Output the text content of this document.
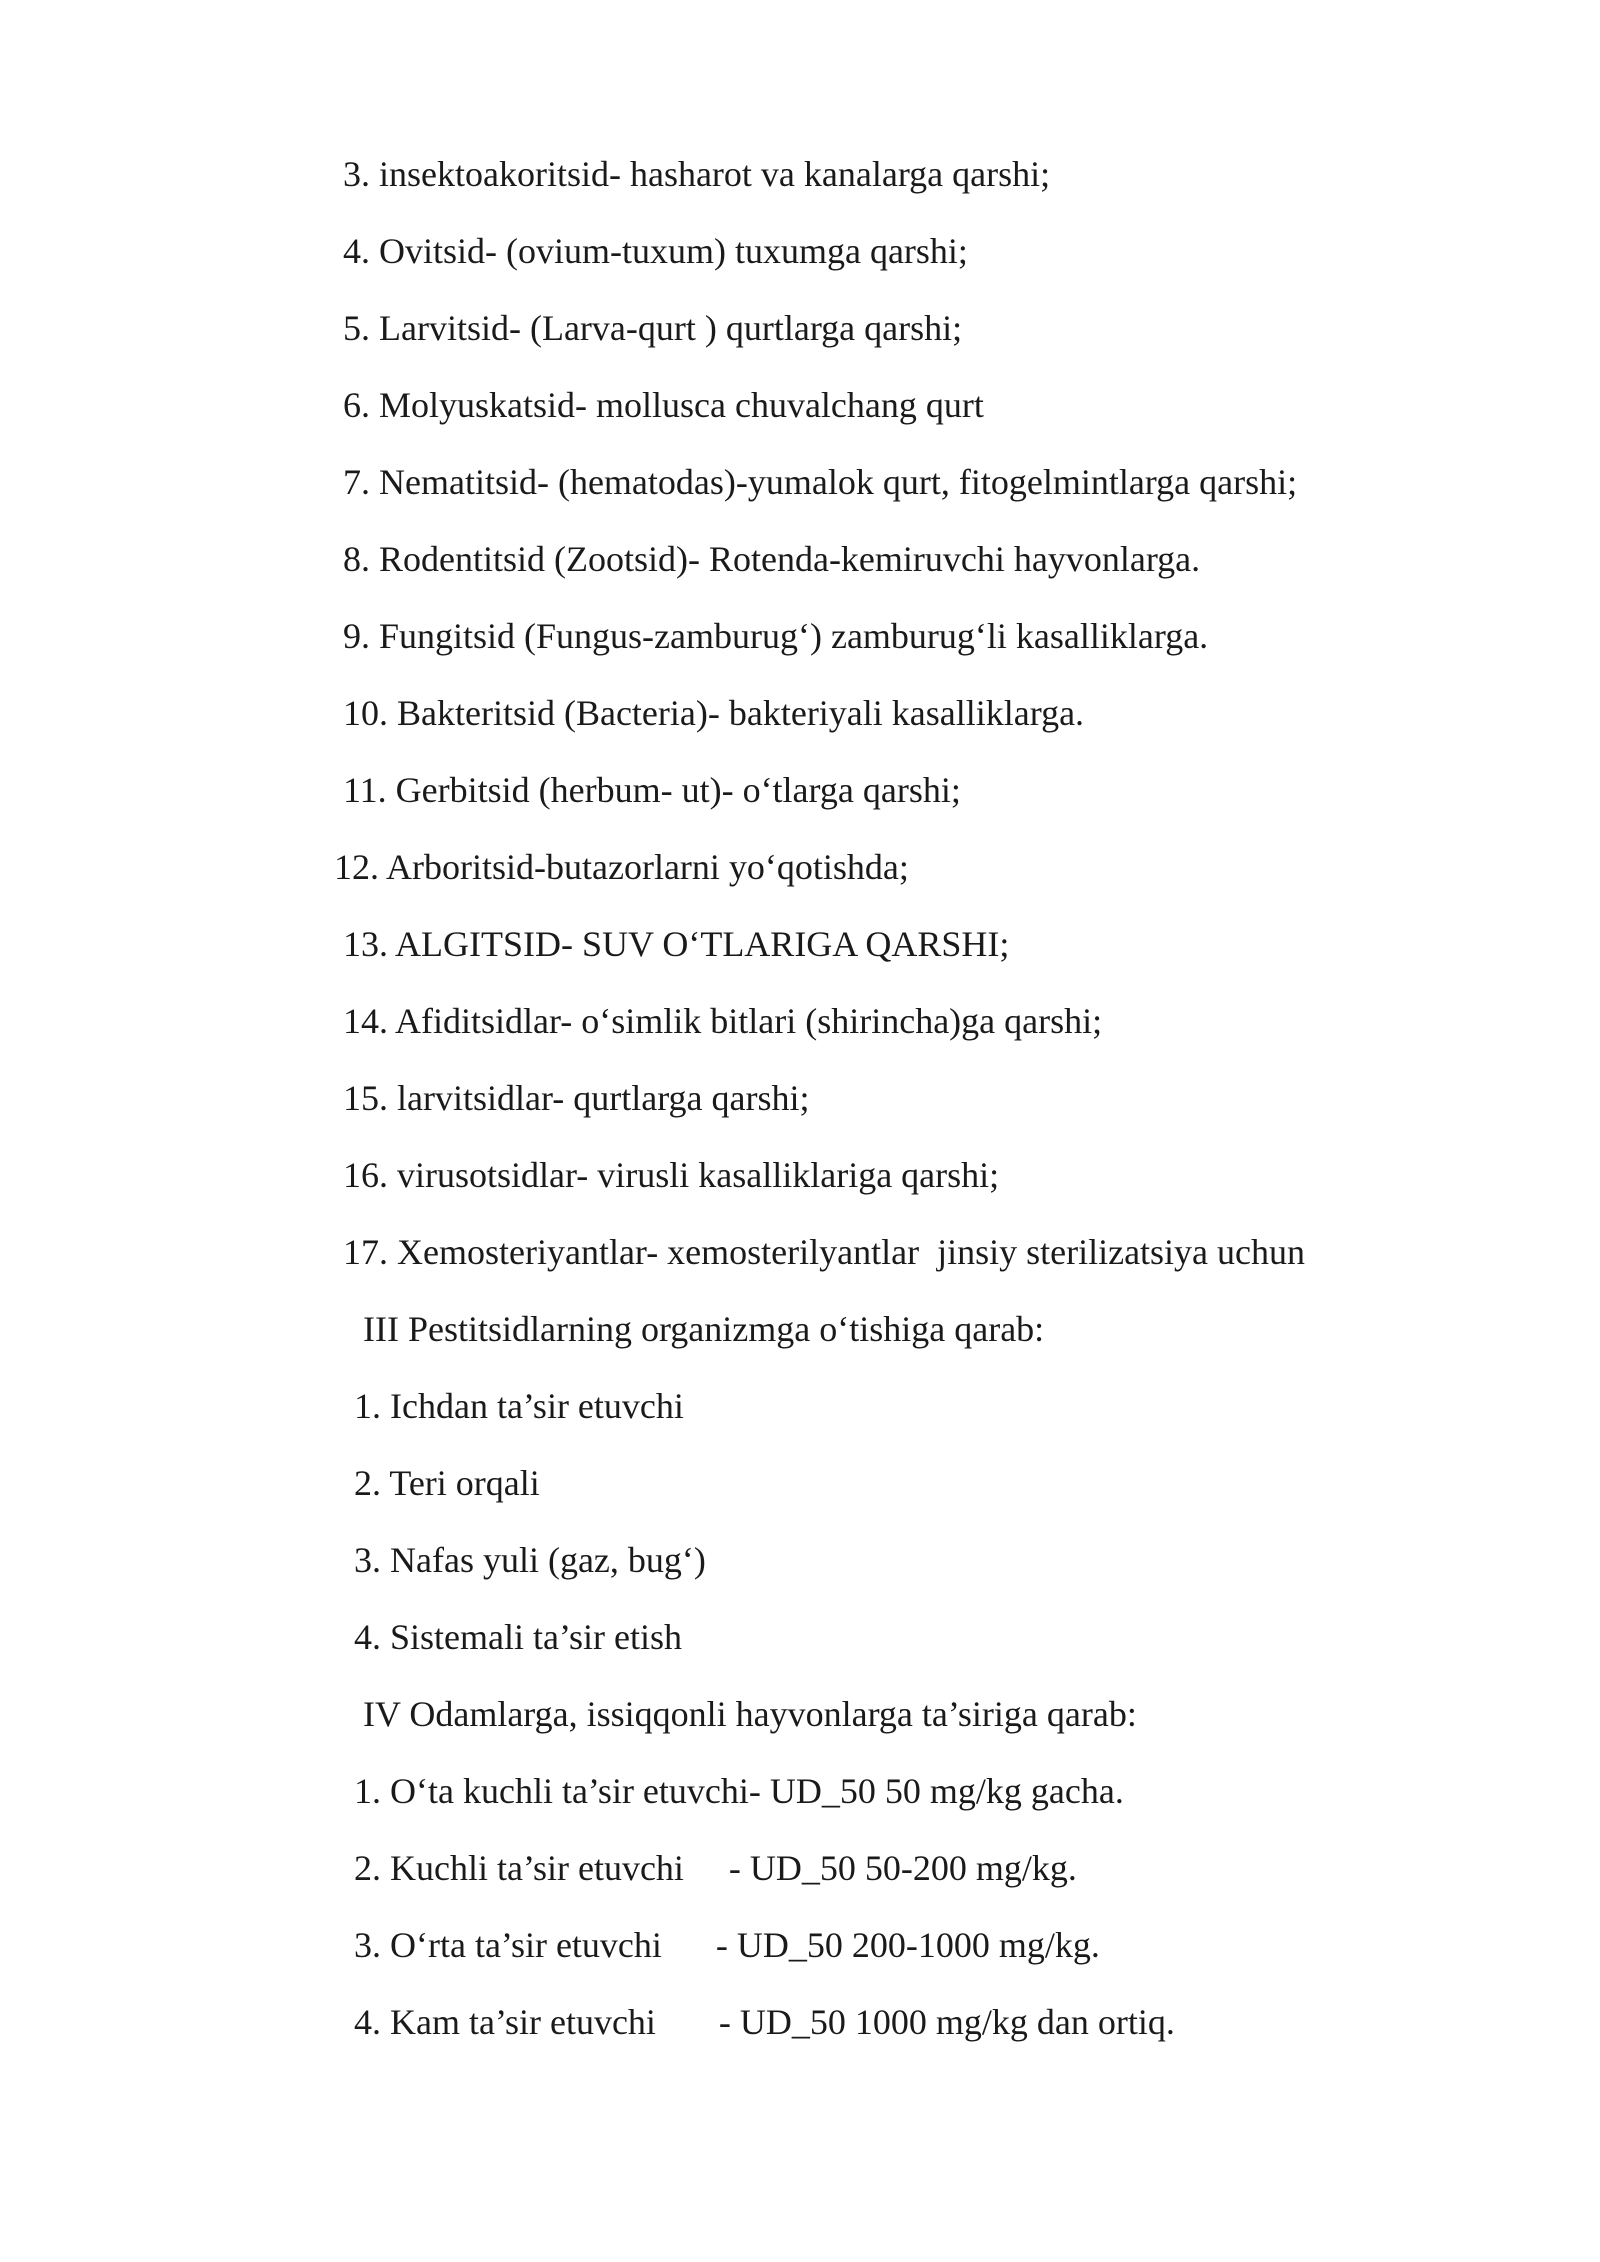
3. insektoakoritsid- hasharot va kanalarga qarshi;
4. Ovitsid- (ovium-tuxum) tuxumga qarshi;
5. Larvitsid- (Larva-qurt ) qurtlarga qarshi;
6. Molyuskatsid- mollusca chuvalchang qurt
7. Nematitsid- (hematodas)-yumalok qurt, fitogelmintlarga qarshi;
8. Rodentitsid (Zootsid)- Rotenda-kemiruvchi hayvonlarga.
9. Fungitsid (Fungus-zamburug‘) zamburug‘li kasalliklarga.
10. Bakteritsid (Bacteria)- bakteriyali kasalliklarga.
11. Gerbitsid (herbum- ut)- o‘tlarga qarshi;
12. Arboritsid-butazorlarni yo‘qotishda;
13. ALGITSID- SUV O‘TLARIGA QARSHI;
14. Afiditsidlar- o‘simlik bitlari (shirincha)ga qarshi;
15. larvitsidlar- qurtlarga qarshi;
16. virusotsidlar- virusli kasalliklariga qarshi;
17. Xemosteriyantlar- xemosterilyantlar  jinsiy sterilizatsiya uchun
III Pestitsidlarning organizmga o‘tishiga qarab:
1. Ichdan ta’sir etuvchi
2. Teri orqali
3. Nafas yuli (gaz, bug‘)
4. Sistemali ta’sir etish
IV Odamlarga, issiqqonli hayvonlarga ta’siriga qarab:
1. O‘ta kuchli ta’sir etuvchi- UD_50 50 mg/kg gacha.
2. Kuchli ta’sir etuvchi     - UD_50 50-200 mg/kg.
3. O‘rta ta’sir etuvchi      - UD_50 200-1000 mg/kg.
4. Kam ta’sir etuvchi       - UD_50 1000 mg/kg dan ortiq.
